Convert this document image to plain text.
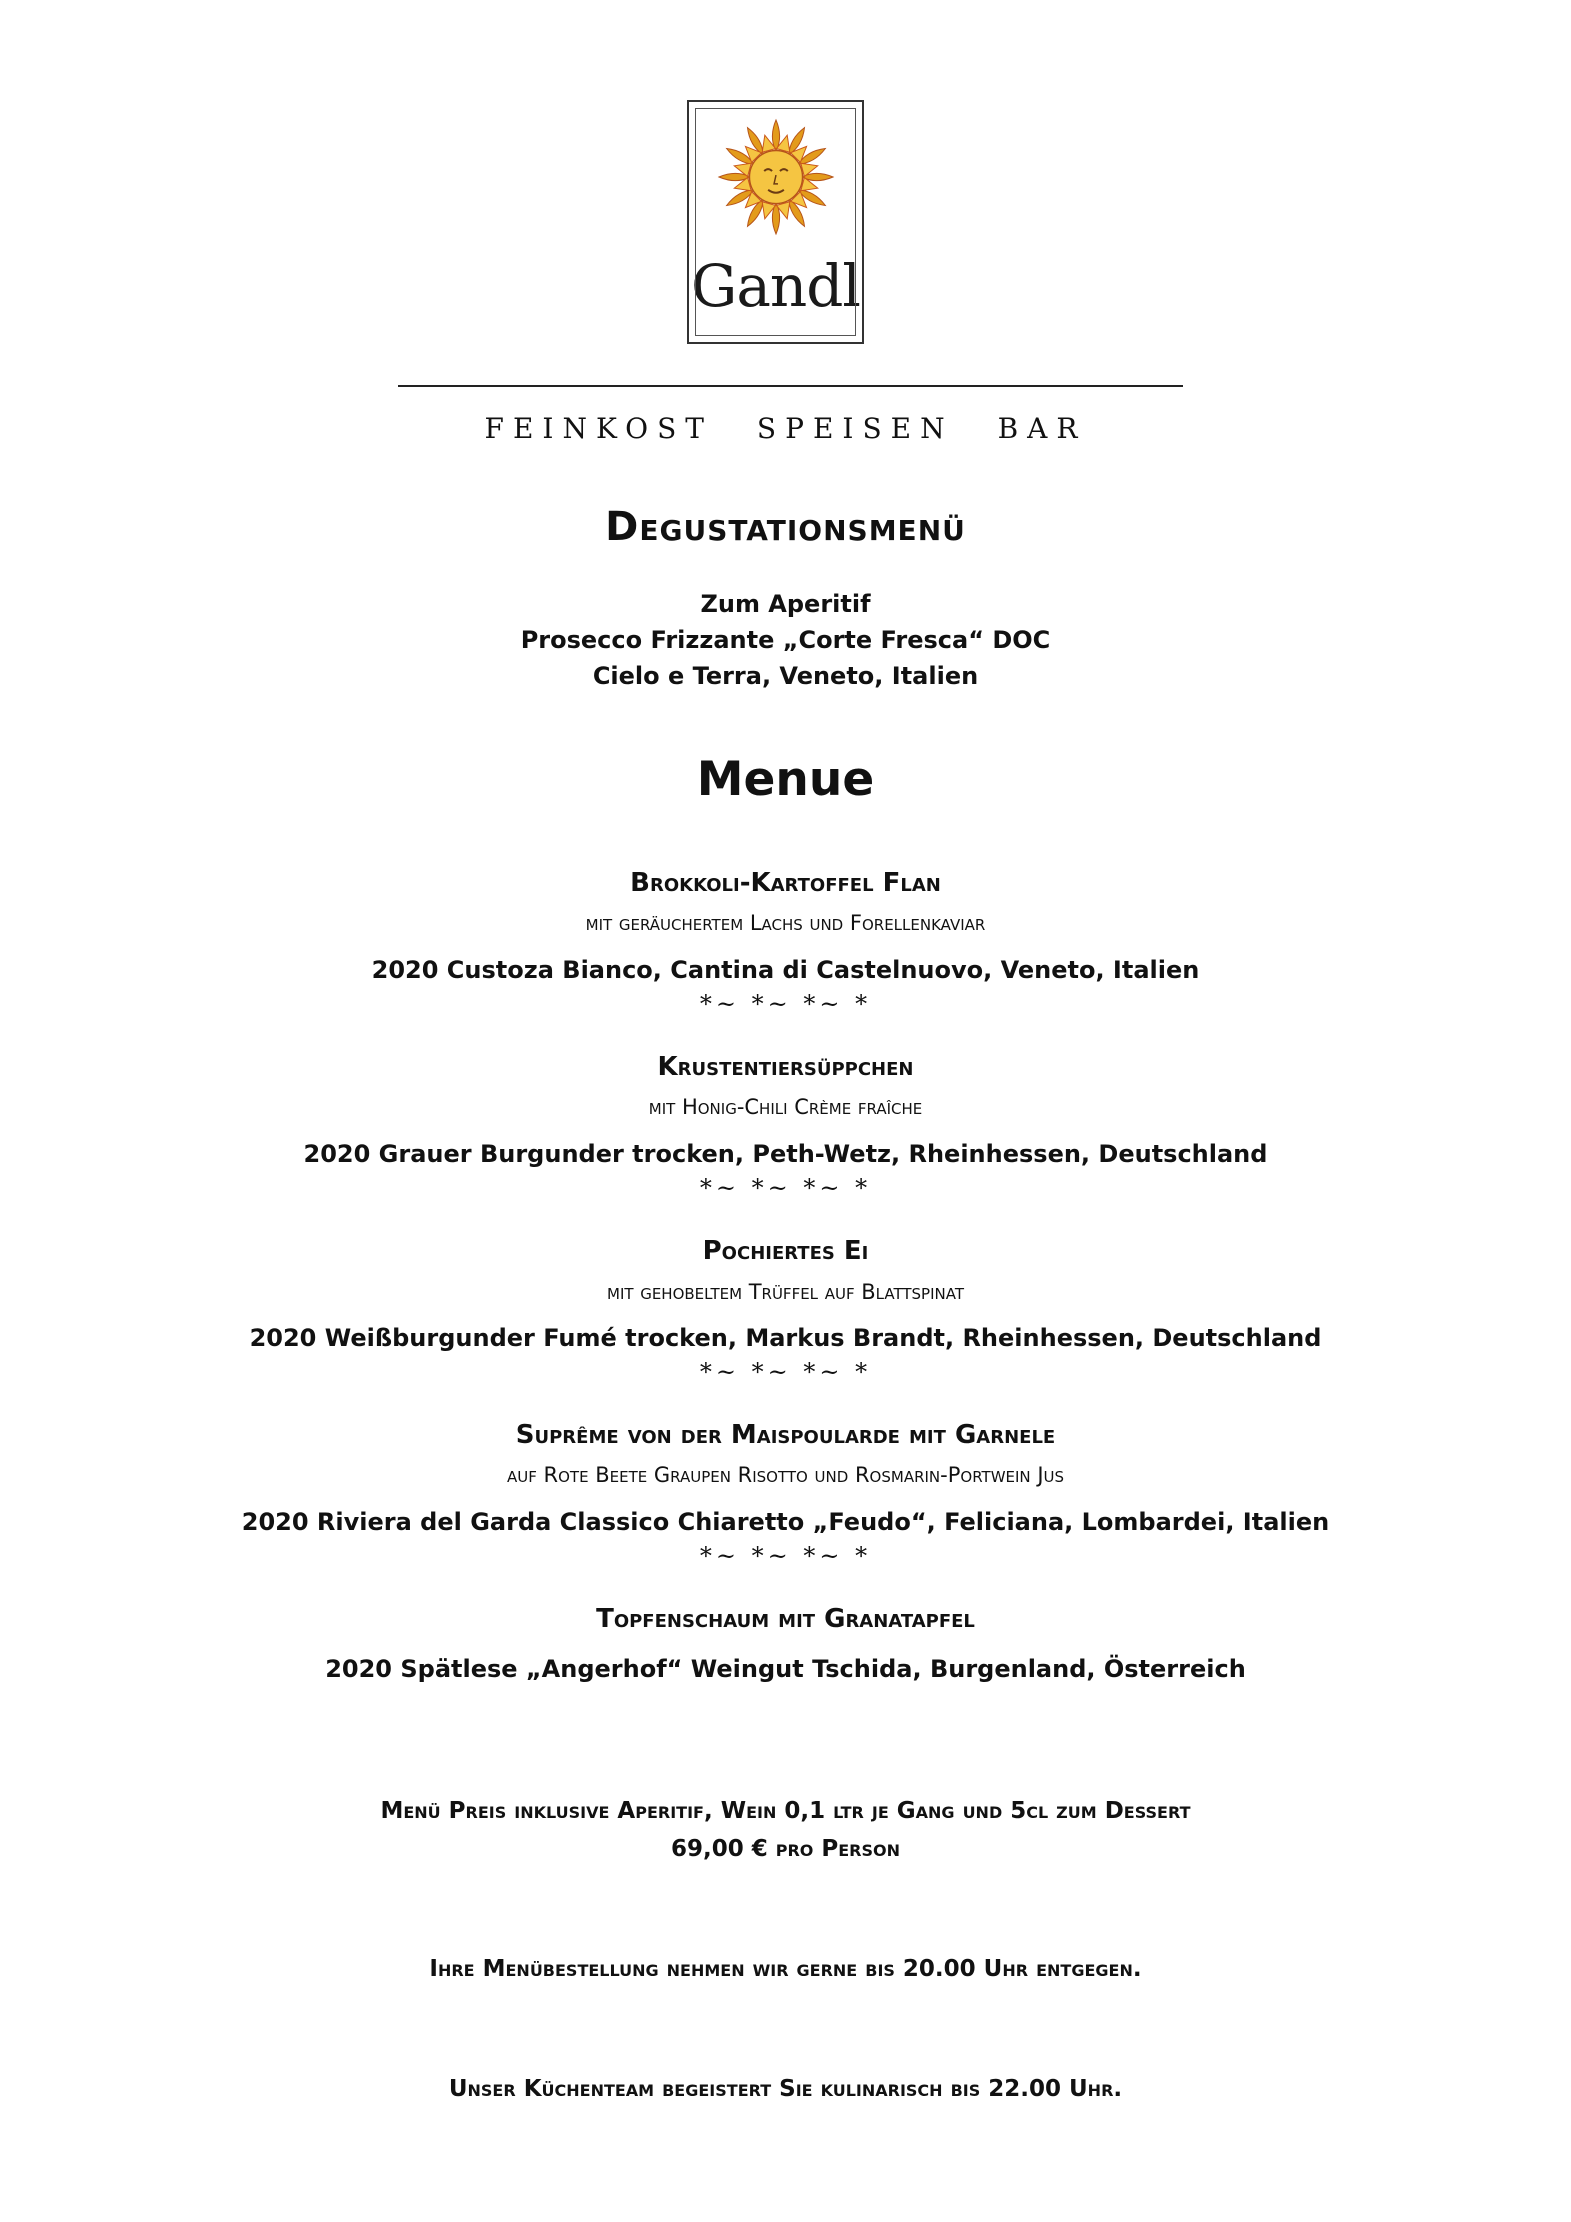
Gandl
FEINKOST SPEISEN BAR
Degustationsmenü
Zum Aperitif
Prosecco Frizzante „Corte Fresca“ DOC
Cielo e Terra, Veneto, Italien
Menue
Brokkoli-Kartoffel Flan
mit geräuchertem Lachs und Forellenkaviar
2020 Custoza Bianco, Cantina di Castelnuovo, Veneto, Italien
*~ *~ *~ *
Krustentiersüppchen
mit Honig-Chili Crème fraîche
2020 Grauer Burgunder trocken, Peth-Wetz, Rheinhessen, Deutschland
*~ *~ *~ *
Pochiertes Ei
mit gehobeltem Trüffel auf Blattspinat
2020 Weißburgunder Fumé trocken, Markus Brandt, Rheinhessen, Deutschland
*~ *~ *~ *
Suprême von der Maispoularde mit Garnele
auf Rote Beete Graupen Risotto und Rosmarin-Portwein Jus
2020 Riviera del Garda Classico Chiaretto „Feudo“, Feliciana, Lombardei, Italien
*~ *~ *~ *
Topfenschaum mit Granatapfel
2020 Spätlese „Angerhof“ Weingut Tschida, Burgenland, Österreich
Menü Preis inklusive Aperitif, Wein 0,1 ltr je Gang und 5cl zum Dessert
69,00 € pro Person
Ihre Menübestellung nehmen wir gerne bis 20.00 Uhr entgegen.
Unser Küchenteam begeistert Sie kulinarisch bis 22.00 Uhr.
